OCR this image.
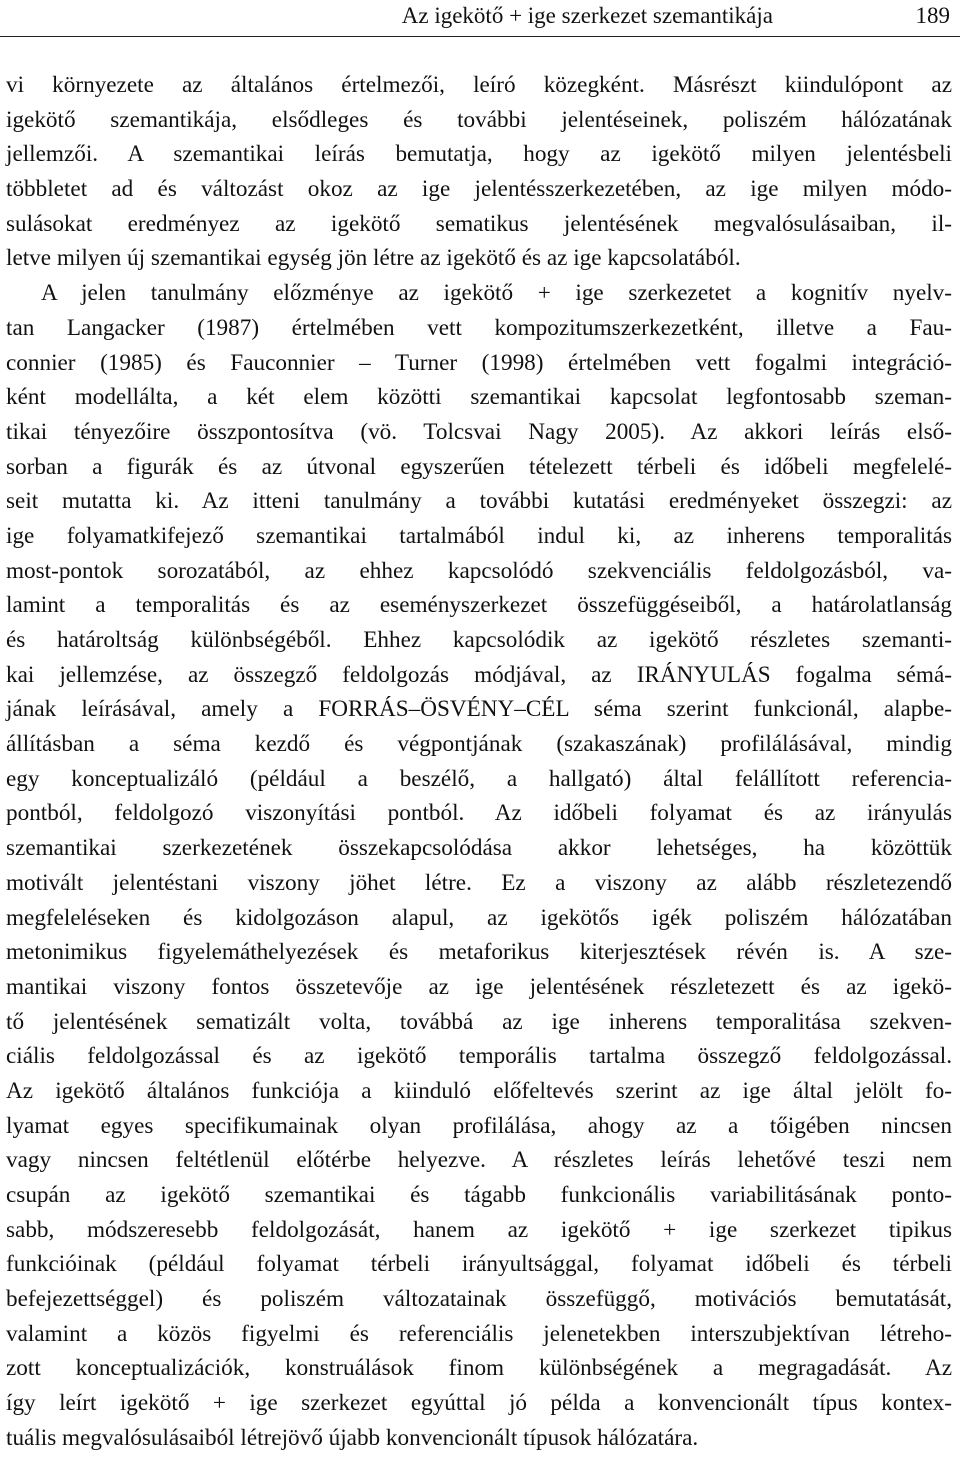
Az igekötő + ige szerkezet szemantikája	189
vi környezete az általános értelmezői, leíró közegként. Másrészt kiindulópont az
igekötő szemantikája, elsődleges és további jelentéseinek, poliszém hálózatának
jellemzői. A szemantikai leírás bemutatja, hogy az igekötő milyen jelentésbeli
többletet ad és változást okoz az ige jelentésszerkezetében, az ige milyen módo-
sulásokat eredményez az igekötő sematikus jelentésének megvalósulásaiban, il-
letve milyen új szemantikai egység jön létre az igekötő és az ige kapcsolatából.
A jelen tanulmány előzménye az igekötő + ige szerkezetet a kognitív nyelv-
tan Langacker (1987) értelmében vett kompozitumszerkezetként, illetve a Fau-
connier (1985) és Fauconnier – Turner (1998) értelmében vett fogalmi integráció-
ként modellálta, a két elem közötti szemantikai kapcsolat legfontosabb szeman-
tikai tényezőire összpontosítva (vö. Tolcsvai Nagy 2005). Az akkori leírás első-
sorban a figurák és az útvonal egyszerűen tételezett térbeli és időbeli megfelelé-
seit mutatta ki. Az itteni tanulmány a további kutatási eredményeket összegzi: az
ige folyamatkifejező szemantikai tartalmából indul ki, az inherens temporalitás
most-pontok sorozatából, az ehhez kapcsolódó szekvenciális feldolgozásból, va-
lamint a temporalitás és az eseményszerkezet összefüggéseiből, a határolatlanság
és határoltság különbségéből. Ehhez kapcsolódik az igekötő részletes szemanti-
kai jellemzése, az összegző feldolgozás módjával, az IRÁNYULÁS fogalma sémá-
jának leírásával, amely a FORRÁS–ÖSVÉNY–CÉL séma szerint funkcionál, alapbe-
állításban a séma kezdő és végpontjának (szakaszának) profilálásával, mindig
egy konceptualizáló (például a beszélő, a hallgató) által felállított referencia-
pontból, feldolgozó viszonyítási pontból. Az időbeli folyamat és az irányulás
szemantikai szerkezetének összekapcsolódása akkor lehetséges, ha közöttük
motivált jelentéstani viszony jöhet létre. Ez a viszony az alább részletezendő
megfeleléseken és kidolgozáson alapul, az igekötős igék poliszém hálózatában
metonimikus figyelemáthelyezések és metaforikus kiterjesztések révén is. A sze-
mantikai viszony fontos összetevője az ige jelentésének részletezett és az igekö-
tő jelentésének sematizált volta, továbbá az ige inherens temporalitása szekven-
ciális feldolgozással és az igekötő temporális tartalma összegző feldolgozással.
Az igekötő általános funkciója a kiinduló előfeltevés szerint az ige által jelölt fo-
lyamat egyes specifikumainak olyan profilálása, ahogy az a tőigében nincsen
vagy nincsen feltétlenül előtérbe helyezve. A részletes leírás lehetővé teszi nem
csupán az igekötő szemantikai és tágabb funkcionális variabilitásának ponto-
sabb, módszeresebb feldolgozását, hanem az igekötő + ige szerkezet tipikus
funkcióinak (például folyamat térbeli irányultsággal, folyamat időbeli és térbeli
befejezettséggel) és poliszém változatainak összefüggő, motivációs bemutatását,
valamint a közös figyelmi és referenciális jelenetekben interszubjektívan létreho-
zott konceptualizációk, konstruálások finom különbségének a megragadását. Az
így leírt igekötő + ige szerkezet egyúttal jó példa a konvencionált típus kontex-
tuális megvalósulásaiból létrejövő újabb konvencionált típusok hálózatára.
